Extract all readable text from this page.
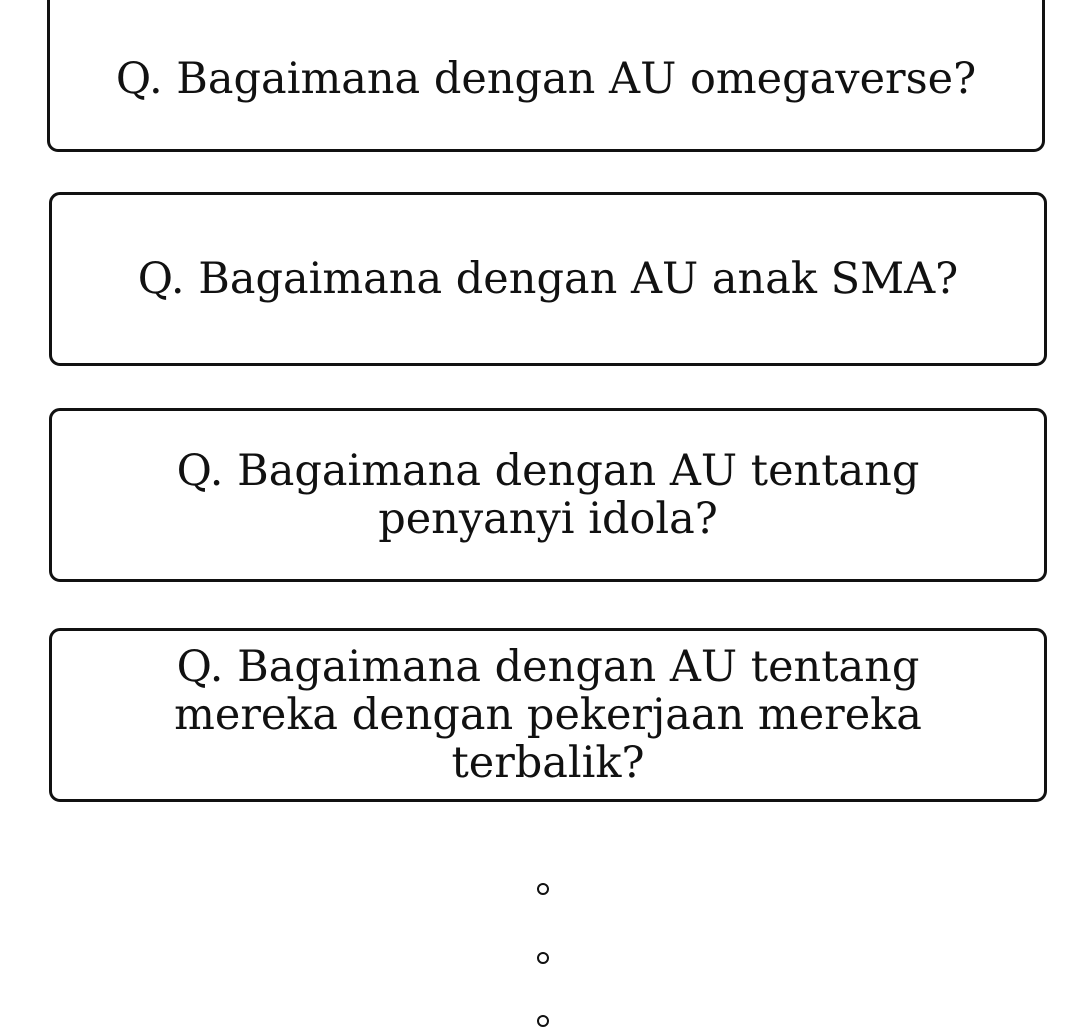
Q. Bagaimana dengan AU omegaverse?
Q. Bagaimana dengan AU anak SMA?
Q. Bagaimana dengan AU tentang penyanyi idola?
Q. Bagaimana dengan AU tentang mereka dengan pekerjaan mereka terbalik?
